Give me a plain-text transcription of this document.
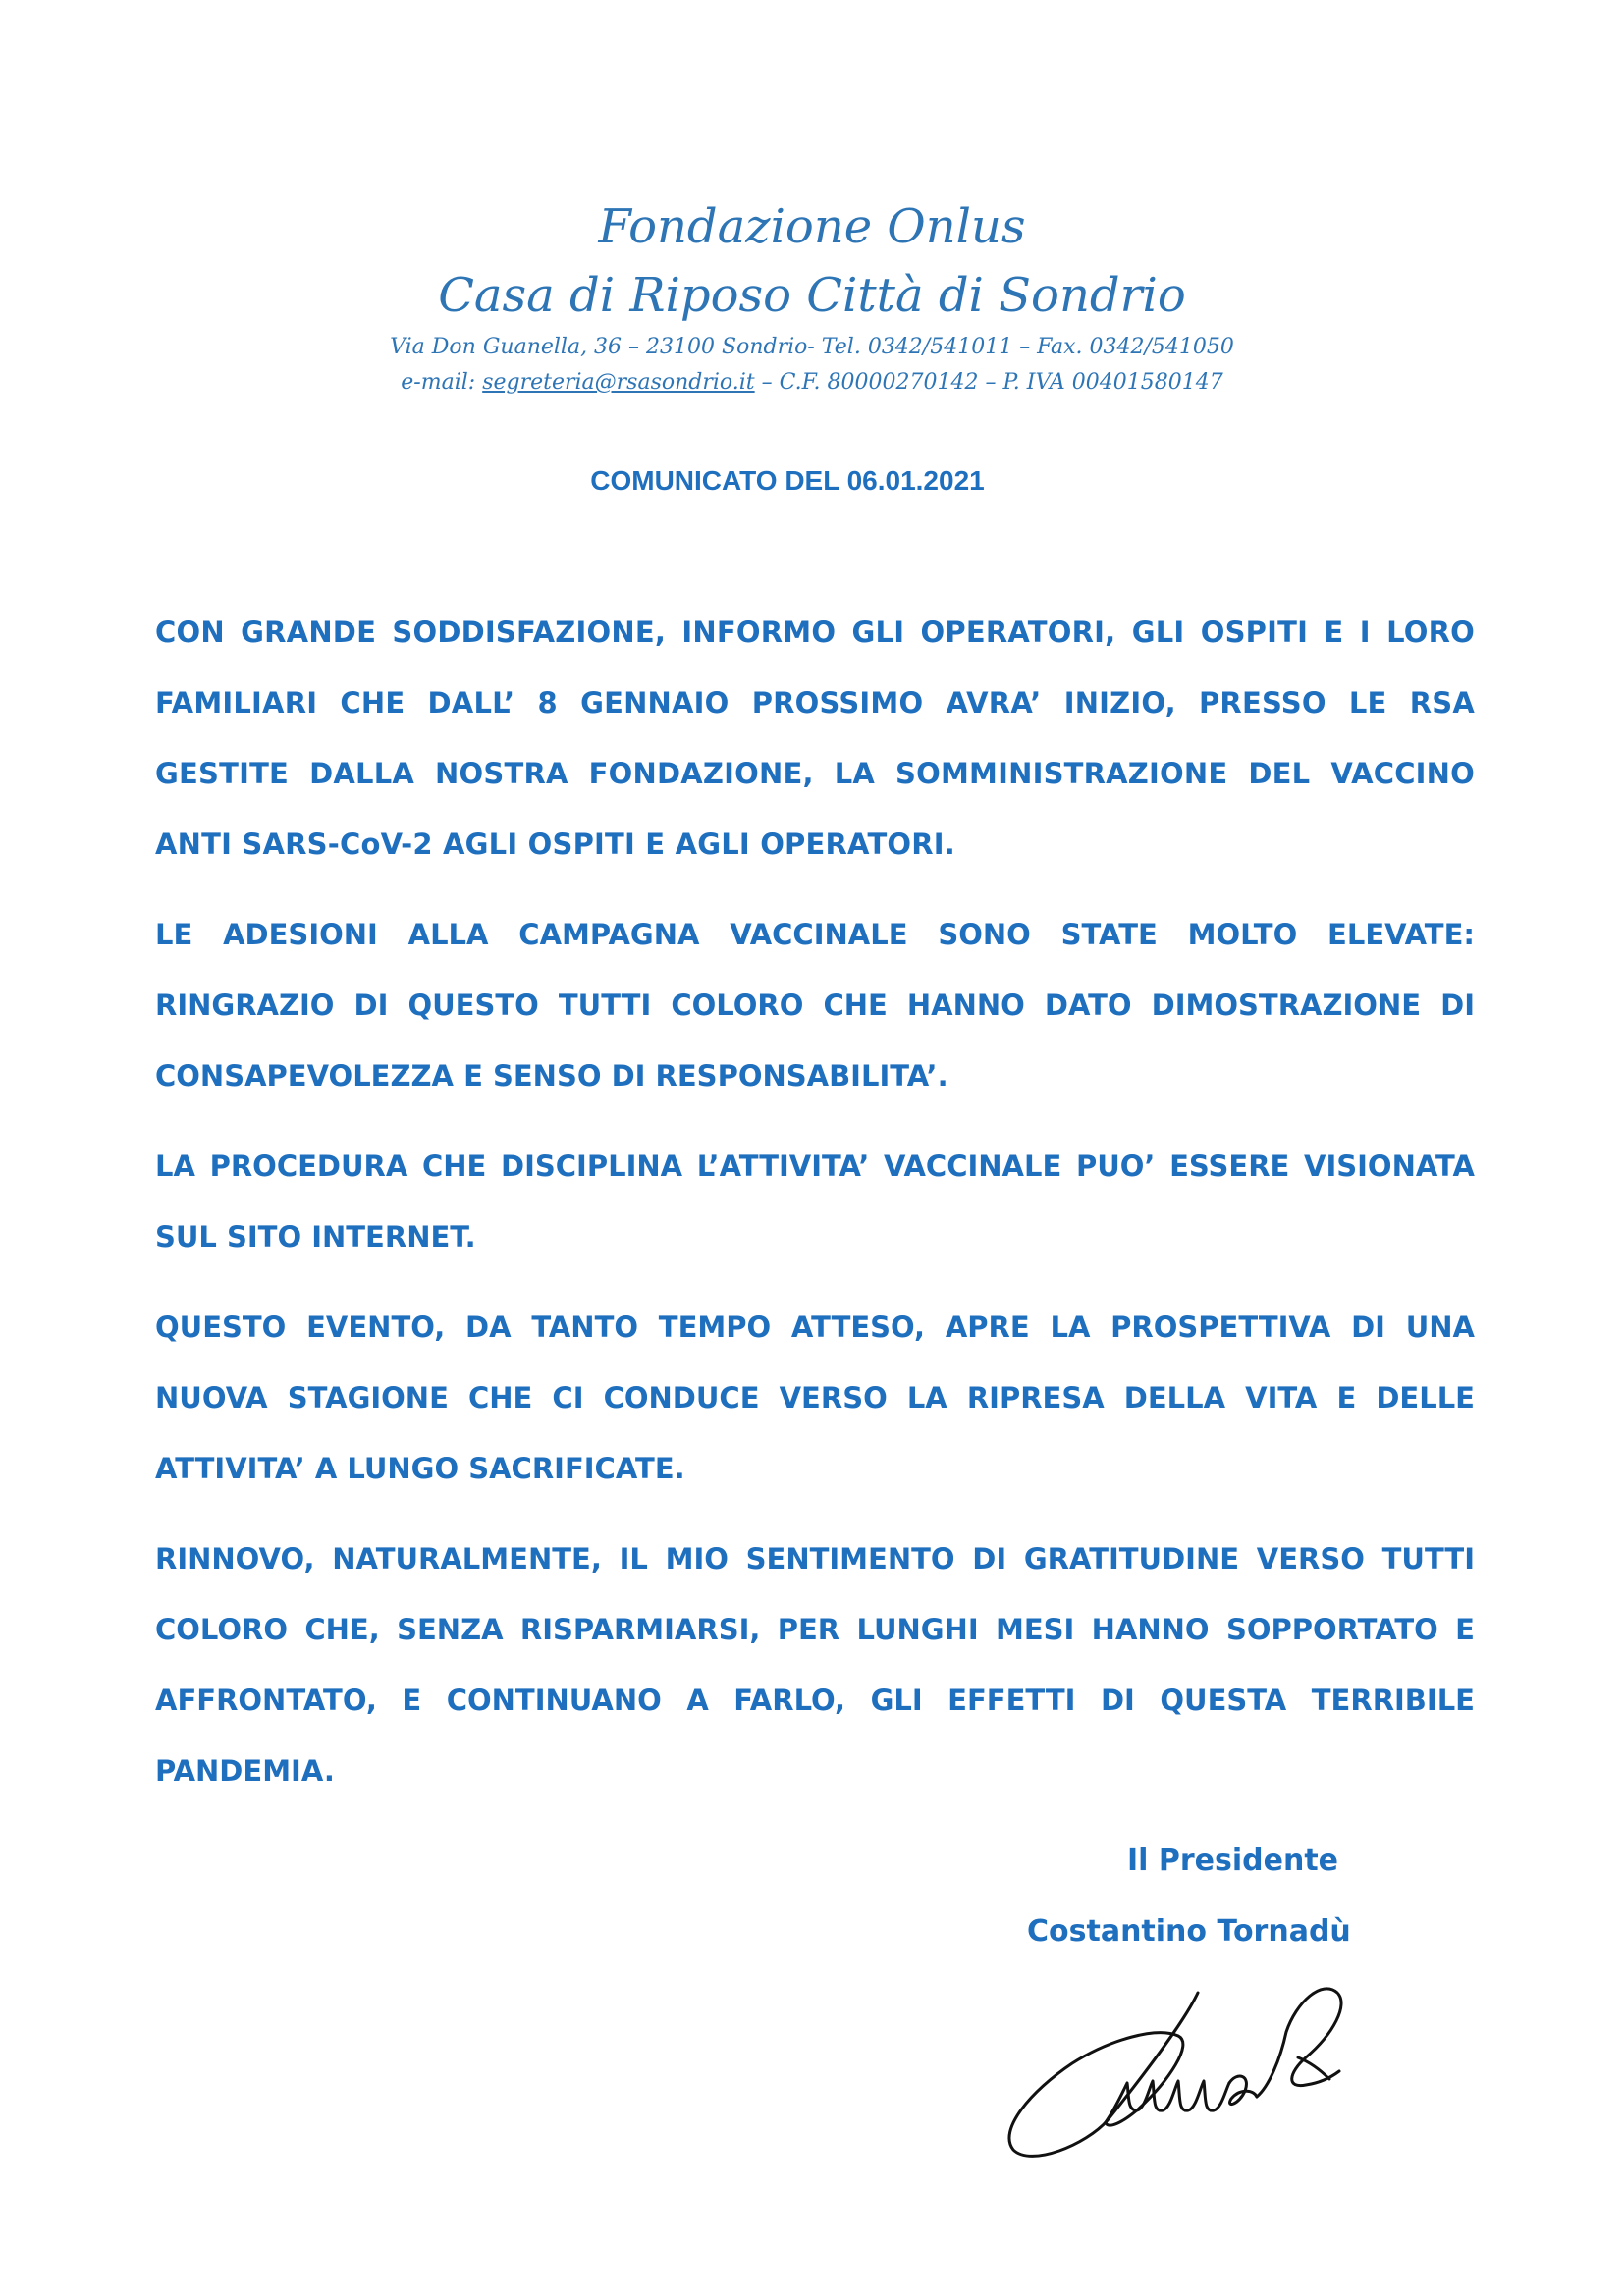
Fondazione Onlus
Casa di Riposo Città di Sondrio
Via Don Guanella, 36 – 23100 Sondrio- Tel. 0342/541011 – Fax. 0342/541050
e-mail: segreteria@rsasondrio.it – C.F. 80000270142 – P. IVA 00401580147
COMUNICATO DEL 06.01.2021

CON GRANDE SODDISFAZIONE, INFORMO GLI OPERATORI, GLI OSPITI E I LORO FAMILIARI CHE DALL’ 8 GENNAIO PROSSIMO AVRA’ INIZIO, PRESSO LE RSA GESTITE DALLA NOSTRA FONDAZIONE, LA SOMMINISTRAZIONE DEL VACCINO ANTI SARS-CoV-2 AGLI OSPITI E AGLI OPERATORI.

LE ADESIONI ALLA CAMPAGNA VACCINALE SONO STATE MOLTO ELEVATE: RINGRAZIO DI QUESTO TUTTI COLORO CHE HANNO DATO DIMOSTRAZIONE DI CONSAPEVOLEZZA E SENSO DI RESPONSABILITA’.

LA PROCEDURA CHE DISCIPLINA L’ATTIVITA’ VACCINALE PUO’ ESSERE VISIONATA SUL SITO INTERNET.

QUESTO EVENTO, DA TANTO TEMPO ATTESO, APRE LA PROSPETTIVA DI UNA NUOVA STAGIONE CHE CI CONDUCE VERSO LA RIPRESA DELLA VITA E DELLE ATTIVITA’ A LUNGO SACRIFICATE.

RINNOVO, NATURALMENTE, IL MIO SENTIMENTO DI GRATITUDINE VERSO TUTTI COLORO CHE, SENZA RISPARMIARSI, PER LUNGHI MESI HANNO SOPPORTATO E AFFRONTATO, E CONTINUANO A FARLO, GLI EFFETTI DI QUESTA TERRIBILE PANDEMIA.

Il Presidente
Costantino Tornadù
